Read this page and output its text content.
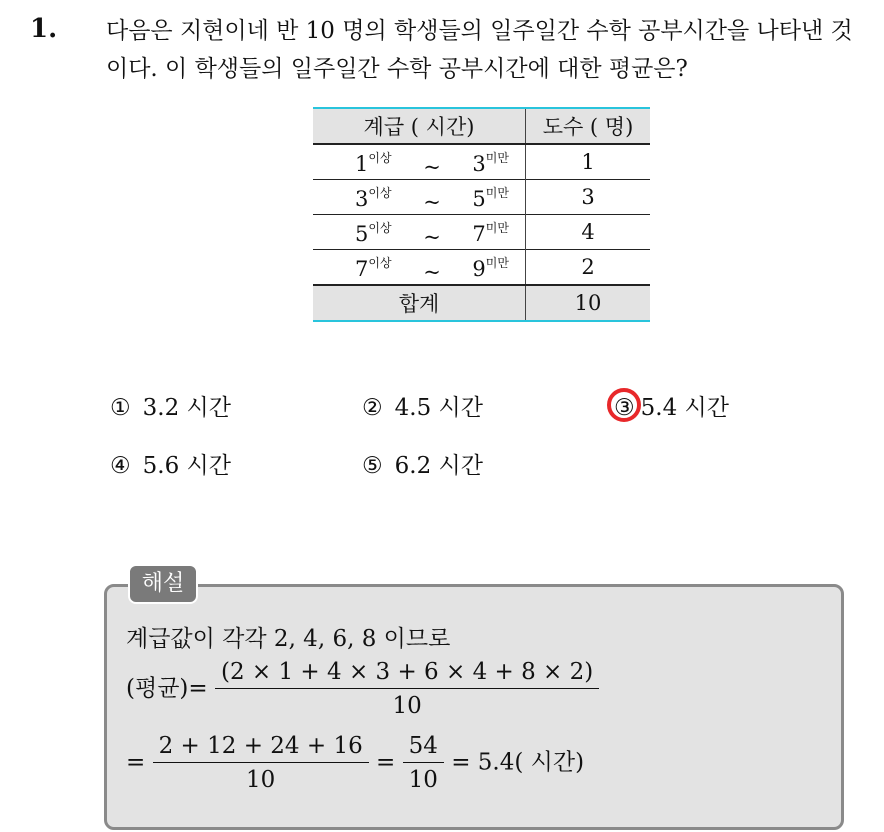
1. 다음은 지현이네 반 10 명의 학생들의 일주일간 수학 공부시간을 나타낸 것이다. 이 학생들의 일주일간 수학 공부시간에 대한 평균은?
계급 ( 시간)	도수 ( 명)

$1^{이상}$ ~ $3^{미만}$	1

$3^{이상}$ ~ $5^{미만}$	3

$5^{이상}$ ~ $7^{미만}$	4

$7^{이상}$ ~ $9^{미만}$	2
합계	10
① 3.2 시간	② 4.5 시간	③ 5.4 시간
④ 5.6 시간	⑤ 6.2 시간
해설
계급값이 각각 2, 4, 6, 8 이므로
(평균)= $\frac{(2 \times 1 + 4 \times 3 + 6 \times 4 + 8 \times 2)}{10}$
= $\frac{2 + 12 + 24 + 16}{10} = \frac{54}{10} = 5.4$( 시간)
